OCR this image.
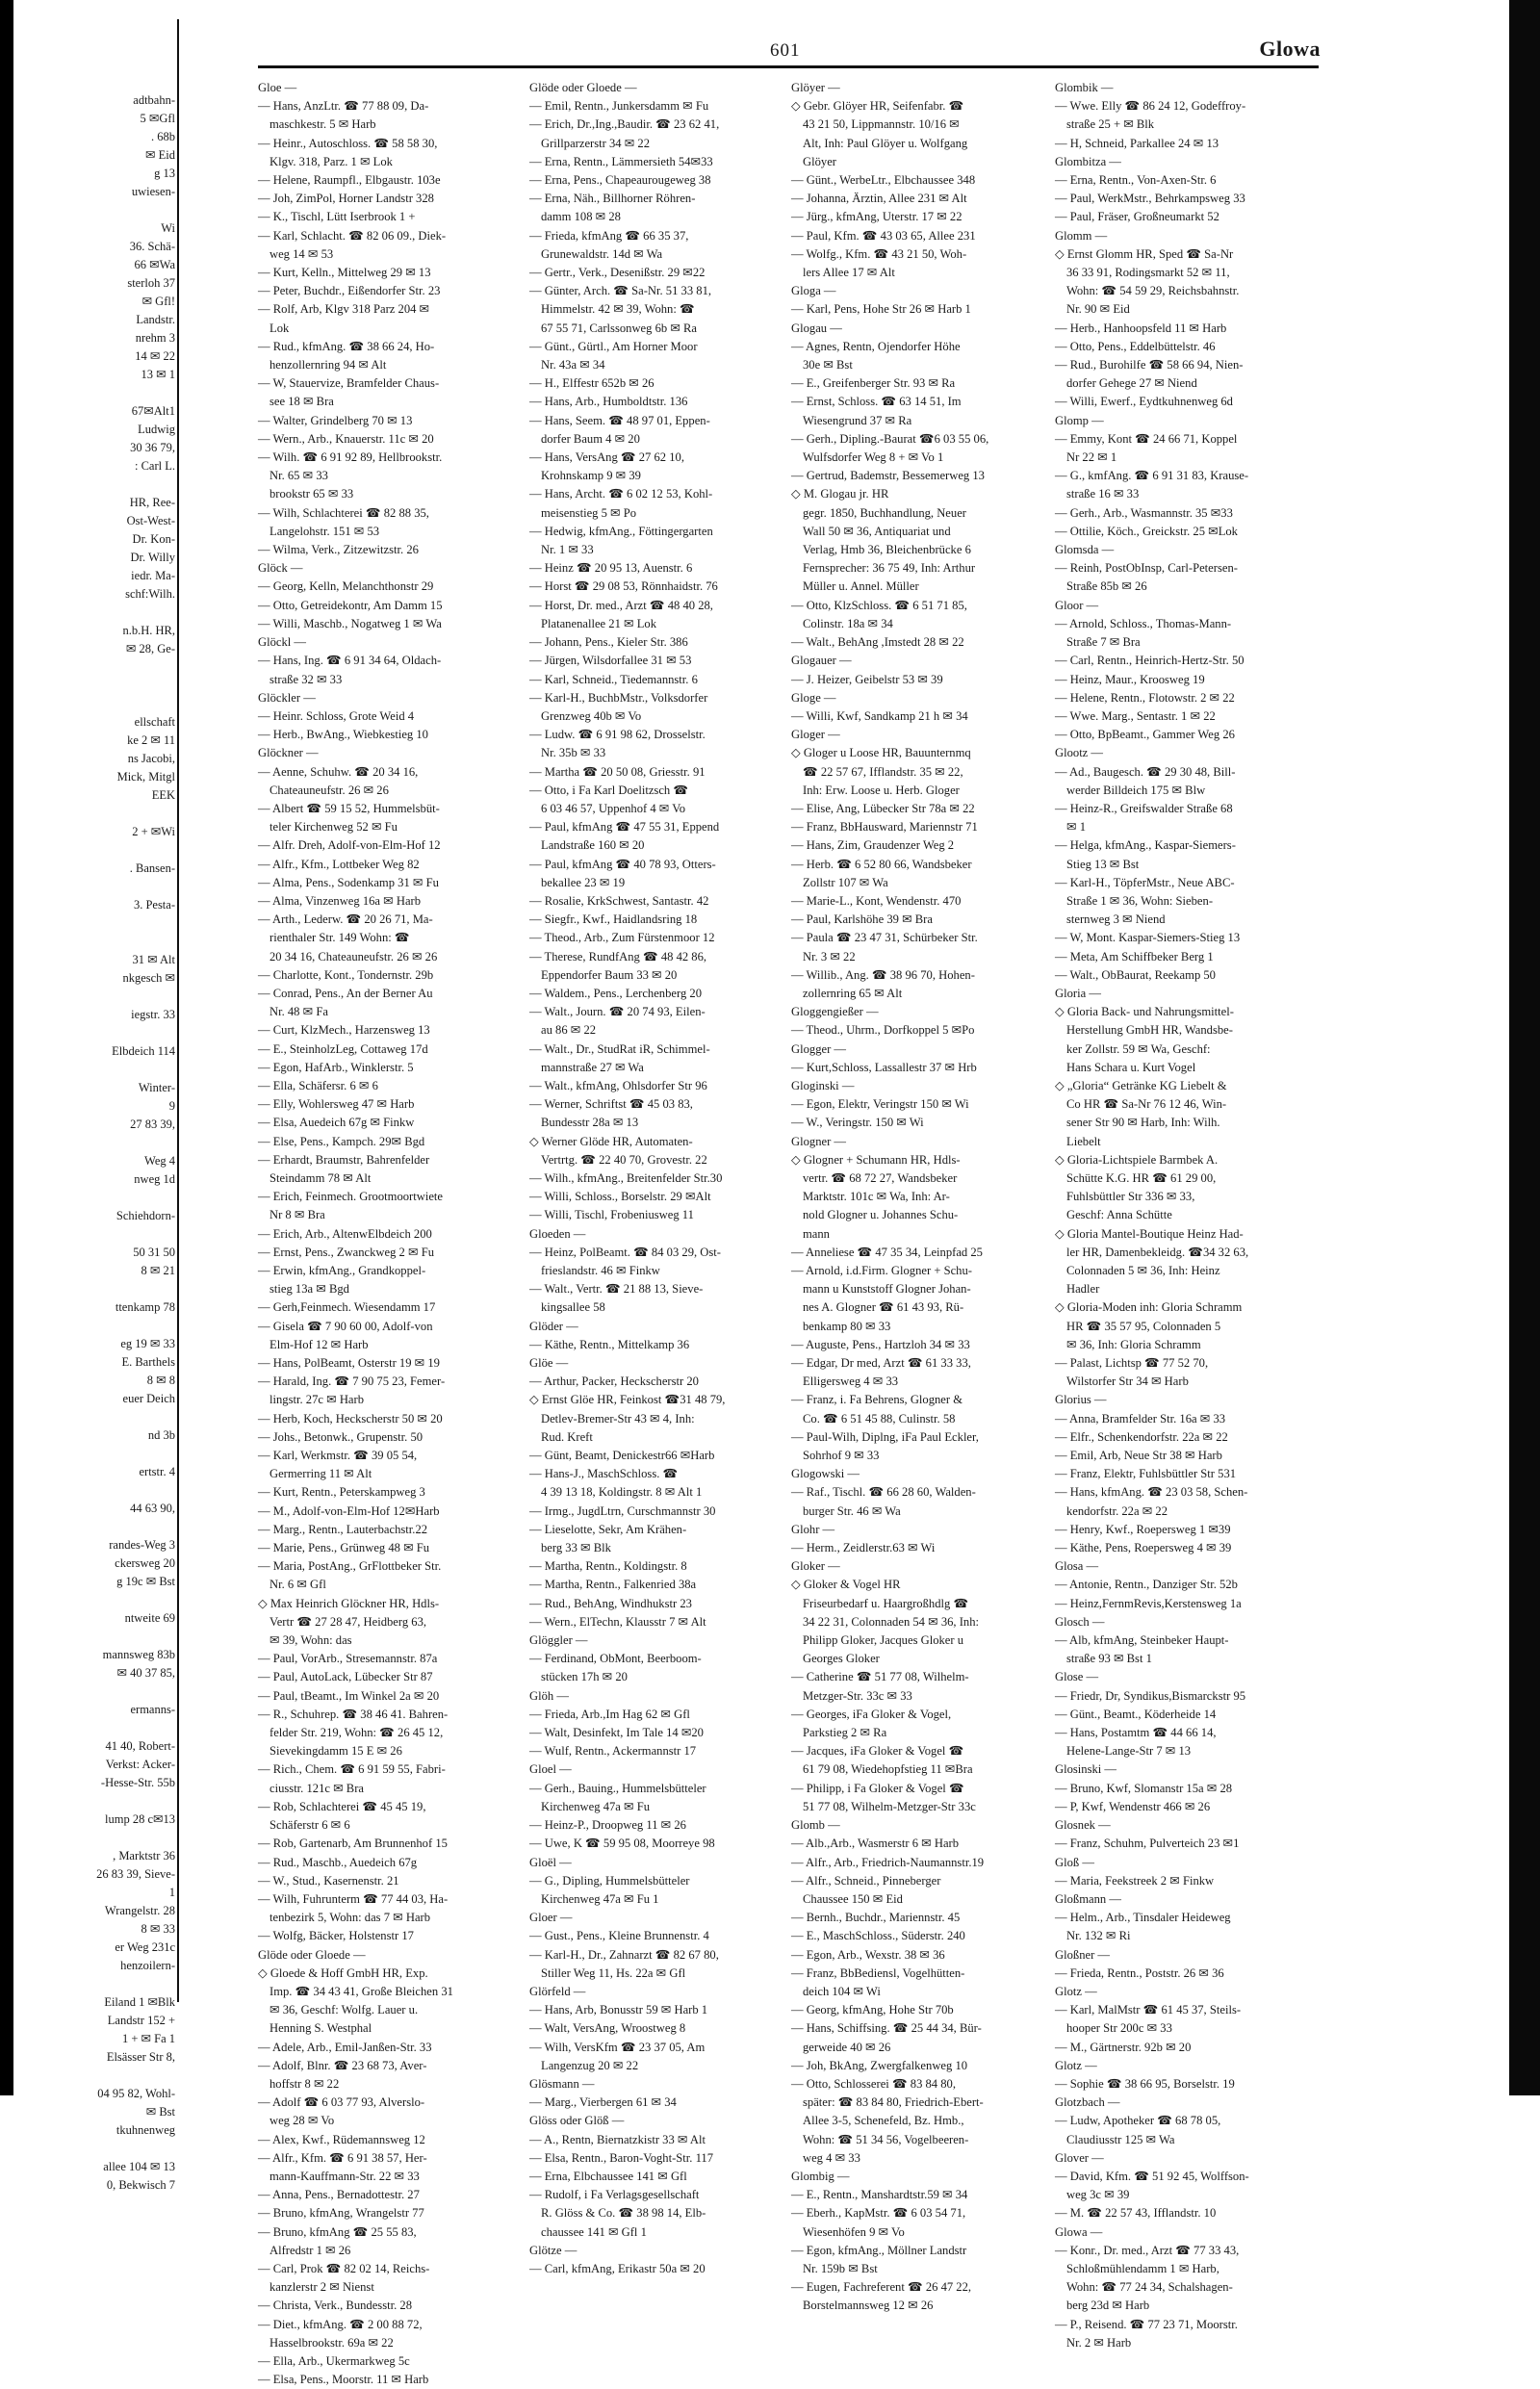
adtbahn-
5 ✉Gfl
. 68b
✉ Eid
g 13
uwiesen-

Wi
36. Schä-
66 ✉Wa
sterloh 37
✉ Gfl!
Landstr.
nrehm 3
14 ✉ 22
13 ✉ 1

67✉Alt1
Ludwig
30 36 79,
: Carl L.

HR, Ree-
Ost-West-
Dr. Kon-
Dr. Willy
iedr. Ma-
schf:Wilh.

n.b.H. HR,
✉ 28, Ge-

ellschaft
ke 2 ✉ 11
ns Jacobi,
Mick, Mitgl
EEK

2 + ✉Wi

. Bansen-

3. Pesta-

31 ✉ Alt
nkgesch ✉

iegstr. 33

Elbdeich 114

Winter-
9
27 83 39,

Weg 4
nweg 1d

Schiehdorn-

50 31 50
8 ✉ 21

ttenkamp 78

eg 19 ✉ 33
E. Barthels
8 ✉ 8
euer Deich

nd 3b

ertstr. 4

44 63 90,

randes-Weg 3
ckersweg 20
g 19c ✉ Bst

ntweite 69

mannsweg 83b
✉ 40 37 85,

ermanns-

41 40, Robert-
Verkst: Acker-
-Hesse-Str. 55b

lump 28 c✉13

, Marktstr 36
26 83 39, Sieve-
1
Wrangelstr. 28
8 ✉ 33
er Weg 231c
henzoilern-

Eiland 1 ✉Blk
Landstr 152 +
1 + ✉ Fa 1
Elsässer Str 8,

04 95 82, Wohl-
✉ Bst
tkuhnenweg

allee 104 ✉ 13
0, Bekwisch 7
601	Glowa
Gloe —
— Hans, AnzLtr. ☎ 77 88 09, Da-
maschkestr. 5 ✉ Harb
— Heinr., Autoschloss. ☎ 58 58 30,
Klgv. 318, Parz. 1 ✉ Lok
— Helene, Raumpfl., Elbgaustr. 103e
— Joh, ZimPol, Horner Landstr 328
— K., Tischl, Lütt Iserbrook 1 +
— Karl, Schlacht. ☎ 82 06 09., Diek-
weg 14 ✉ 53
— Kurt, Kelln., Mittelweg 29 ✉ 13
— Peter, Buchdr., Eißendorfer Str. 23
— Rolf, Arb, Klgv 318 Parz 204 ✉
Lok
— Rud., kfmAng. ☎ 38 66 24, Ho-
henzollernring 94 ✉ Alt
— W, Stauervize, Bramfelder Chaus-
see 18 ✉ Bra
— Walter, Grindelberg 70 ✉ 13
— Wern., Arb., Knauerstr. 11c ✉ 20
— Wilh. ☎ 6 91 92 89, Hellbrookstr.
Nr. 65 ✉ 33
brookstr 65 ✉ 33
— Wilh, Schlachterei ☎ 82 88 35,
Langelohstr. 151 ✉ 53
— Wilma, Verk., Zitzewitzstr. 26
Glöck —
— Georg, Kelln, Melanchthonstr 29
— Otto, Getreidekontr, Am Damm 15
— Willi, Maschb., Nogatweg 1 ✉ Wa
Glöckl —
— Hans, Ing. ☎ 6 91 34 64, Oldach-
straße 32 ✉ 33
Glöckler —
— Heinr. Schloss, Grote Weid 4
— Herb., BwAng., Wiebkestieg 10
Glöckner —
— Aenne, Schuhw. ☎ 20 34 16,
Chateauneufstr. 26 ✉ 26
— Albert ☎ 59 15 52, Hummelsbüt-
teler Kirchenweg 52 ✉ Fu
— Alfr. Dreh, Adolf-von-Elm-Hof 12
— Alfr., Kfm., Lottbeker Weg 82
— Alma, Pens., Sodenkamp 31 ✉ Fu
— Alma, Vinzenweg 16a ✉ Harb
— Arth., Lederw. ☎ 20 26 71, Ma-
rienthaler Str. 149 Wohn: ☎
20 34 16, Chateauneufstr. 26 ✉ 26
— Charlotte, Kont., Tondernstr. 29b
— Conrad, Pens., An der Berner Au
Nr. 48 ✉ Fa
— Curt, KlzMech., Harzensweg 13
— E., SteinholzLeg, Cottaweg 17d
— Egon, HafArb., Winklerstr. 5
— Ella, Schäfersr. 6 ✉ 6
— Elly, Wohlersweg 47 ✉ Harb
— Elsa, Auedeich 67g ✉ Finkw
— Else, Pens., Kampch. 29✉ Bgd
— Erhardt, Braumstr, Bahrenfelder
Steindamm 78 ✉ Alt
— Erich, Feinmech. Grootmoortwiete
Nr 8 ✉ Bra
— Erich, Arb., AltenwElbdeich 200
— Ernst, Pens., Zwanckweg 2 ✉ Fu
— Erwin, kfmAng., Grandkoppel-
stieg 13a ✉ Bgd
— Gerh,Feinmech. Wiesendamm 17
— Gisela ☎ 7 90 60 00, Adolf-von
Elm-Hof 12 ✉ Harb
— Hans, PolBeamt, Osterstr 19 ✉ 19
— Harald, Ing. ☎ 7 90 75 23, Femer-
lingstr. 27c ✉ Harb
— Herb, Koch, Heckscherstr 50 ✉ 20
— Johs., Betonwk., Grupenstr. 50
— Karl, Werkmstr. ☎ 39 05 54,
Germerring 11 ✉ Alt
— Kurt, Rentn., Peterskampweg 3
— M., Adolf-von-Elm-Hof 12✉Harb
— Marg., Rentn., Lauterbachstr.22
— Marie, Pens., Grünweg 48 ✉ Fu
— Maria, PostAng., GrFlottbeker Str.
Nr. 6 ✉ Gfl
◇ Max Heinrich Glöckner HR, Hdls-
Vertr ☎ 27 28 47, Heidberg 63,
✉ 39, Wohn: das
— Paul, VorArb., Stresemannstr. 87a
— Paul, AutoLack, Lübecker Str 87
— Paul, tBeamt., Im Winkel 2a ✉ 20
— R., Schuhrep. ☎ 38 46 41. Bahren-
felder Str. 219, Wohn: ☎ 26 45 12,
Sievekingdamm 15 E ✉ 26
— Rich., Chem. ☎ 6 91 59 55, Fabri-
ciusstr. 121c ✉ Bra
— Rob, Schlachterei ☎ 45 45 19,
Schäferstr 6 ✉ 6
— Rob, Gartenarb, Am Brunnenhof 15
— Rud., Maschb., Auedeich 67g
— W., Stud., Kasernenstr. 21
— Wilh, Fuhrunterm ☎ 77 44 03, Ha-
tenbezirk 5, Wohn: das 7 ✉ Harb
— Wolfg, Bäcker, Holstenstr 17
Glöde oder Gloede —
◇ Gloede & Hoff GmbH HR, Exp.
Imp. ☎ 34 43 41, Große Bleichen 31
✉ 36, Geschf: Wolfg. Lauer u.
Henning S. Westphal
— Adele, Arb., Emil-Janßen-Str. 33
— Adolf, Blnr. ☎ 23 68 73, Aver-
hoffstr 8 ✉ 22
— Adolf ☎ 6 03 77 93, Alverslo-
weg 28 ✉ Vo
— Alex, Kwf., Rüdemannsweg 12
— Alfr., Kfm. ☎ 6 91 38 57, Her-
mann-Kauffmann-Str. 22 ✉ 33
— Anna, Pens., Bernadottestr. 27
— Bruno, kfmAng, Wrangelstr 77
— Bruno, kfmAng ☎ 25 55 83,
Alfredstr 1 ✉ 26
— Carl, Prok ☎ 82 02 14, Reichs-
kanzlerstr 2 ✉ Nienst
— Christa, Verk., Bundesstr. 28
— Diet., kfmAng. ☎ 2 00 88 72,
Hasselbrookstr. 69a ✉ 22
— Ella, Arb., Ukermarkweg 5c
— Elsa, Pens., Moorstr. 11 ✉ Harb
Glöde oder Gloede —
— Emil, Rentn., Junkersdamm ✉ Fu
— Erich, Dr.,Ing.,Baudir. ☎ 23 62 41,
Grillparzerstr 34 ✉ 22
— Erna, Rentn., Lämmersieth 54✉33
— Erna, Pens., Chapeaurougeweg 38
— Erna, Näh., Billhorner Röhren-
damm 108 ✉ 28
— Frieda, kfmAng ☎ 66 35 37,
Grunewaldstr. 14d ✉ Wa
— Gertr., Verk., Desenißstr. 29 ✉22
— Günter, Arch. ☎ Sa-Nr. 51 33 81,
Himmelstr. 42 ✉ 39, Wohn: ☎
67 55 71, Carlssonweg 6b ✉ Ra
— Günt., Gürtl., Am Horner Moor
Nr. 43a ✉ 34
— H., Elffestr 652b ✉ 26
— Hans, Arb., Humboldtstr. 136
— Hans, Seem. ☎ 48 97 01, Eppen-
dorfer Baum 4 ✉ 20
— Hans, VersAng ☎ 27 62 10,
Krohnskamp 9 ✉ 39
— Hans, Archt. ☎ 6 02 12 53, Kohl-
meisenstieg 5 ✉ Po
— Hedwig, kfmAng., Föttingergarten
Nr. 1 ✉ 33
— Heinz ☎ 20 95 13, Auenstr. 6
— Horst ☎ 29 08 53, Rönnhaidstr. 76
— Horst, Dr. med., Arzt ☎ 48 40 28,
Platanenallee 21 ✉ Lok
— Johann, Pens., Kieler Str. 386
— Jürgen, Wilsdorfallee 31 ✉ 53
— Karl, Schneid., Tiedemannstr. 6
— Karl-H., BuchbMstr., Volksdorfer
Grenzweg 40b ✉ Vo
— Ludw. ☎ 6 91 98 62, Drosselstr.
Nr. 35b ✉ 33
— Martha ☎ 20 50 08, Griesstr. 91
— Otto, i Fa Karl Doelitzsch ☎
6 03 46 57, Uppenhof 4 ✉ Vo
— Paul, kfmAng ☎ 47 55 31, Eppend
Landstraße 160 ✉ 20
— Paul, kfmAng ☎ 40 78 93, Otters-
bekallee 23 ✉ 19
— Rosalie, KrkSchwest, Santastr. 42
— Siegfr., Kwf., Haidlandsring 18
— Theod., Arb., Zum Fürstenmoor 12
— Therese, RundfAng ☎ 48 42 86,
Eppendorfer Baum 33 ✉ 20
— Waldem., Pens., Lerchenberg 20
— Walt., Journ. ☎ 20 74 93, Eilen-
au 86 ✉ 22
— Walt., Dr., StudRat iR, Schimmel-
mannstraße 27 ✉ Wa
— Walt., kfmAng, Ohlsdorfer Str 96
— Werner, Schriftst ☎ 45 03 83,
Bundesstr 28a ✉ 13
◇ Werner Glöde HR, Automaten-
Vertrtg. ☎ 22 40 70, Grovestr. 22
— Wilh., kfmAng., Breitenfelder Str.30
— Willi, Schloss., Borselstr. 29 ✉Alt
— Willi, Tischl, Frobeniusweg 11
Gloeden —
— Heinz, PolBeamt. ☎ 84 03 29, Ost-
frieslandstr. 46 ✉ Finkw
— Walt., Vertr. ☎ 21 88 13, Sieve-
kingsallee 58
Glöder —
— Käthe, Rentn., Mittelkamp 36
Glöe —
— Arthur, Packer, Heckscherstr 20
◇ Ernst Glöe HR, Feinkost ☎31 48 79,
Detlev-Bremer-Str 43 ✉ 4, Inh:
Rud. Kreft
— Günt, Beamt, Denickestr66 ✉Harb
— Hans-J., MaschSchloss. ☎
4 39 13 18, Koldingstr. 8 ✉ Alt 1
— Irmg., JugdLtrn, Curschmannstr 30
— Lieselotte, Sekr, Am Krähen-
berg 33 ✉ Blk
— Martha, Rentn., Koldingstr. 8
— Martha, Rentn., Falkenried 38a
— Rud., BehAng, Windhukstr 23
— Wern., ElTechn, Klausstr 7 ✉ Alt
Glöggler —
— Ferdinand, ObMont, Beerboom-
stücken 17h ✉ 20
Glöh —
— Frieda, Arb.,Im Hag 62 ✉ Gfl
— Walt, Desinfekt, Im Tale 14 ✉20
— Wulf, Rentn., Ackermannstr 17
Gloel —
— Gerh., Bauing., Hummelsbütteler
Kirchenweg 47a ✉ Fu
— Heinz-P., Droopweg 11 ✉ 26
— Uwe, K ☎ 59 95 08, Moorreye 98
Gloël —
— G., Dipling, Hummelsbütteler
Kirchenweg 47a ✉ Fu 1
Gloer —
— Gust., Pens., Kleine Brunnenstr. 4
— Karl-H., Dr., Zahnarzt ☎ 82 67 80,
Stiller Weg 11, Hs. 22a ✉ Gfl
Glörfeld —
— Hans, Arb, Bonusstr 59 ✉ Harb 1
— Walt, VersAng, Wroostweg 8
— Wilh, VersKfm ☎ 23 37 05, Am
Langenzug 20 ✉ 22
Glösmann —
— Marg., Vierbergen 61 ✉ 34
Glöss oder Glöß —
— A., Rentn, Biernatzkistr 33 ✉ Alt
— Elsa, Rentn., Baron-Voght-Str. 117
— Erna, Elbchaussee 141 ✉ Gfl
— Rudolf, i Fa Verlagsgesellschaft
R. Glöss & Co. ☎ 38 98 14, Elb-
chaussee 141 ✉ Gfl 1
Glötze —
— Carl, kfmAng, Erikastr 50a ✉ 20
Glöyer —
◇ Gebr. Glöyer HR, Seifenfabr. ☎
43 21 50, Lippmannstr. 10/16 ✉
Alt, Inh: Paul Glöyer u. Wolfgang
Glöyer
— Günt., WerbeLtr., Elbchaussee 348
— Johanna, Ärztin, Allee 231 ✉ Alt
— Jürg., kfmAng, Uterstr. 17 ✉ 22
— Paul, Kfm. ☎ 43 03 65, Allee 231
— Wolfg., Kfm. ☎ 43 21 50, Woh-
lers Allee 17 ✉ Alt
Gloga —
— Karl, Pens, Hohe Str 26 ✉ Harb 1
Glogau —
— Agnes, Rentn, Ojendorfer Höhe
30e ✉ Bst
— E., Greifenberger Str. 93 ✉ Ra
— Ernst, Schloss. ☎ 63 14 51, Im
Wiesengrund 37 ✉ Ra
— Gerh., Dipling.-Baurat ☎6 03 55 06,
Wulfsdorfer Weg 8 + ✉ Vo 1
— Gertrud, Bademstr, Bessemerweg 13
◇ M. Glogau jr. HR
gegr. 1850, Buchhandlung, Neuer
Wall 50 ✉ 36, Antiquariat und
Verlag, Hmb 36, Bleichenbrücke 6
Fernsprecher: 36 75 49, Inh: Arthur
Müller u. Annel. Müller
— Otto, KlzSchloss. ☎ 6 51 71 85,
Colinstr. 18a ✉ 34
— Walt., BehAng ,Imstedt 28 ✉ 22
Glogauer —
— J. Heizer, Geibelstr 53 ✉ 39
Gloge —
— Willi, Kwf, Sandkamp 21 h ✉ 34
Gloger —
◇ Gloger u Loose HR, Bauunternmq
☎ 22 57 67, Ifflandstr. 35 ✉ 22,
Inh: Erw. Loose u. Herb. Gloger
— Elise, Ang, Lübecker Str 78a ✉ 22
— Franz, BbHausward, Mariennstr 71
— Hans, Zim, Graudenzer Weg 2
— Herb. ☎ 6 52 80 66, Wandsbeker
Zollstr 107 ✉ Wa
— Marie-L., Kont, Wendenstr. 470
— Paul, Karlshöhe 39 ✉ Bra
— Paula ☎ 23 47 31, Schürbeker Str.
Nr. 3 ✉ 22
— Willib., Ang. ☎ 38 96 70, Hohen-
zollernring 65 ✉ Alt
Gloggengießer —
— Theod., Uhrm., Dorfkoppel 5 ✉Po
Glogger —
— Kurt,Schloss, Lassallestr 37 ✉ Hrb
Gloginski —
— Egon, Elektr, Veringstr 150 ✉ Wi
— W., Veringstr. 150 ✉ Wi
Glogner —
◇ Glogner + Schumann HR, Hdls-
vertr. ☎ 68 72 27, Wandsbeker
Marktstr. 101c ✉ Wa, Inh: Ar-
nold Glogner u. Johannes Schu-
mann
— Anneliese ☎ 47 35 34, Leinpfad 25
— Arnold, i.d.Firm. Glogner + Schu-
mann u Kunststoff Glogner Johan-
nes A. Glogner ☎ 61 43 93, Rü-
benkamp 80 ✉ 33
— Auguste, Pens., Hartzloh 34 ✉ 33
— Edgar, Dr med, Arzt ☎ 61 33 33,
Elligersweg 4 ✉ 33
— Franz, i. Fa Behrens, Glogner &
Co. ☎ 6 51 45 88, Culinstr. 58
— Paul-Wilh, Diplng, iFa Paul Eckler,
Sohrhof 9 ✉ 33
Glogowski —
— Raf., Tischl. ☎ 66 28 60, Walden-
burger Str. 46 ✉ Wa
Glohr —
— Herm., Zeidlerstr.63 ✉ Wi
Gloker —
◇ Gloker & Vogel HR
Friseurbedarf u. Haargroßhdlg ☎
34 22 31, Colonnaden 54 ✉ 36, Inh:
Philipp Gloker, Jacques Gloker u
Georges Gloker
— Catherine ☎ 51 77 08, Wilhelm-
Metzger-Str. 33c ✉ 33
— Georges, iFa Gloker & Vogel,
Parkstieg 2 ✉ Ra
— Jacques, iFa Gloker & Vogel ☎
61 79 08, Wiedehopfstieg 11 ✉Bra
— Philipp, i Fa Gloker & Vogel ☎
51 77 08, Wilhelm-Metzger-Str 33c
Glomb —
— Alb.,Arb., Wasmerstr 6 ✉ Harb
— Alfr., Arb., Friedrich-Naumannstr.19
— Alfr., Schneid., Pinneberger
Chaussee 150 ✉ Eid
— Bernh., Buchdr., Mariennstr. 45
— E., MaschSchloss., Süderstr. 240
— Egon, Arb., Wexstr. 38 ✉ 36
— Franz, BbBediensl, Vogelhütten-
deich 104 ✉ Wi
— Georg, kfmAng, Hohe Str 70b
— Hans, Schiffsing. ☎ 25 44 34, Bür-
gerweide 40 ✉ 26
— Joh, BkAng, Zwergfalkenweg 10
— Otto, Schlosserei ☎ 83 84 80,
später: ☎ 83 84 80, Friedrich-Ebert-
Allee 3-5, Schenefeld, Bz. Hmb.,
Wohn: ☎ 51 34 56, Vogelbeeren-
weg 4 ✉ 33
Glombig —
— E., Rentn., Manshardtstr.59 ✉ 34
— Eberh., KapMstr. ☎ 6 03 54 71,
Wiesenhöfen 9 ✉ Vo
— Egon, kfmAng., Möllner Landstr
Nr. 159b ✉ Bst
— Eugen, Fachreferent ☎ 26 47 22,
Borstelmannsweg 12 ✉ 26
Glombik —
— Wwe. Elly ☎ 86 24 12, Godeffroy-
straße 25 + ✉ Blk
— H, Schneid, Parkallee 24 ✉ 13
Glombitza —
— Erna, Rentn., Von-Axen-Str. 6
— Paul, WerkMstr., Behrkampsweg 33
— Paul, Fräser, Großneumarkt 52
Glomm —
◇ Ernst Glomm HR, Sped ☎ Sa-Nr
36 33 91, Rodingsmarkt 52 ✉ 11,
Wohn: ☎ 54 59 29, Reichsbahnstr.
Nr. 90 ✉ Eid
— Herb., Hanhoopsfeld 11 ✉ Harb
— Otto, Pens., Eddelbüttelstr. 46
— Rud., Burohilfe ☎ 58 66 94, Nien-
dorfer Gehege 27 ✉ Niend
— Willi, Ewerf., Eydtkuhnenweg 6d
Glomp —
— Emmy, Kont ☎ 24 66 71, Koppel
Nr 22 ✉ 1
— G., kmfAng. ☎ 6 91 31 83, Krause-
straße 16 ✉ 33
— Gerh., Arb., Wasmannstr. 35 ✉33
— Ottilie, Köch., Greickstr. 25 ✉Lok
Glomsda —
— Reinh, PostObInsp, Carl-Petersen-
Straße 85b ✉ 26
Gloor —
— Arnold, Schloss., Thomas-Mann-
Straße 7 ✉ Bra
— Carl, Rentn., Heinrich-Hertz-Str. 50
— Heinz, Maur., Kroosweg 19
— Helene, Rentn., Flotowstr. 2 ✉ 22
— Wwe. Marg., Sentastr. 1 ✉ 22
— Otto, BpBeamt., Gammer Weg 26
Glootz —
— Ad., Baugesch. ☎ 29 30 48, Bill-
werder Billdeich 175 ✉ Blw
— Heinz-R., Greifswalder Straße 68
✉ 1
— Helga, kfmAng., Kaspar-Siemers-
Stieg 13 ✉ Bst
— Karl-H., TöpferMstr., Neue ABC-
Straße 1 ✉ 36, Wohn: Sieben-
sternweg 3 ✉ Niend
— W, Mont. Kaspar-Siemers-Stieg 13
— Meta, Am Schiffbeker Berg 1
— Walt., ObBaurat, Reekamp 50
Gloria —
◇ Gloria Back- und Nahrungsmittel-
Herstellung GmbH HR, Wandsbe-
ker Zollstr. 59 ✉ Wa, Geschf:
Hans Schara u. Kurt Vogel
◇ „Gloria“ Getränke KG Liebelt &
Co HR ☎ Sa-Nr 76 12 46, Win-
sener Str 90 ✉ Harb, Inh: Wilh.
Liebelt
◇ Gloria-Lichtspiele Barmbek A.
Schütte K.G. HR ☎ 61 29 00,
Fuhlsbüttler Str 336 ✉ 33,
Geschf: Anna Schütte
◇ Gloria Mantel-Boutique Heinz Had-
ler HR, Damenbekleidg. ☎34 32 63,
Colonnaden 5 ✉ 36, Inh: Heinz
Hadler
◇ Gloria-Moden inh: Gloria Schramm
HR ☎ 35 57 95, Colonnaden 5
✉ 36, Inh: Gloria Schramm
— Palast, Lichtsp ☎ 77 52 70,
Wilstorfer Str 34 ✉ Harb
Glorius —
— Anna, Bramfelder Str. 16a ✉ 33
— Elfr., Schenkendorfstr. 22a ✉ 22
— Emil, Arb, Neue Str 38 ✉ Harb
— Franz, Elektr, Fuhlsbüttler Str 531
— Hans, kfmAng. ☎ 23 03 58, Schen-
kendorfstr. 22a ✉ 22
— Henry, Kwf., Roepersweg 1 ✉39
— Käthe, Pens, Roepersweg 4 ✉ 39
Glosa —
— Antonie, Rentn., Danziger Str. 52b
— Heinz,FernmRevis,Kerstensweg 1a
Glosch —
— Alb, kfmAng, Steinbeker Haupt-
straße 93 ✉ Bst 1
Glose —
— Friedr, Dr, Syndikus,Bismarckstr 95
— Günt., Beamt., Köderheide 14
— Hans, Postamtm ☎ 44 66 14,
Helene-Lange-Str 7 ✉ 13
Glosinski —
— Bruno, Kwf, Slomanstr 15a ✉ 28
— P, Kwf, Wendenstr 466 ✉ 26
Glosnek —
— Franz, Schuhm, Pulverteich 23 ✉1
Gloß —
— Maria, Feekstreek 2 ✉ Finkw
Gloßmann —
— Helm., Arb., Tinsdaler Heideweg
Nr. 132 ✉ Ri
Gloßner —
— Frieda, Rentn., Poststr. 26 ✉ 36
Glotz —
— Karl, MalMstr ☎ 61 45 37, Steils-
hooper Str 200c ✉ 33
— M., Gärtnerstr. 92b ✉ 20
Glotz —
— Sophie ☎ 38 66 95, Borselstr. 19
Glotzbach —
— Ludw, Apotheker ☎ 68 78 05,
Claudiusstr 125 ✉ Wa
Glover —
— David, Kfm. ☎ 51 92 45, Wolffson-
weg 3c ✉ 39
— M. ☎ 22 57 43, Ifflandstr. 10
Glowa —
— Konr., Dr. med., Arzt ☎ 77 33 43,
Schloßmühlendamm 1 ✉ Harb,
Wohn: ☎ 77 24 34, Schalshagen-
berg 23d ✉ Harb
— P., Reisend. ☎ 77 23 71, Moorstr.
Nr. 2 ✉ Harb
